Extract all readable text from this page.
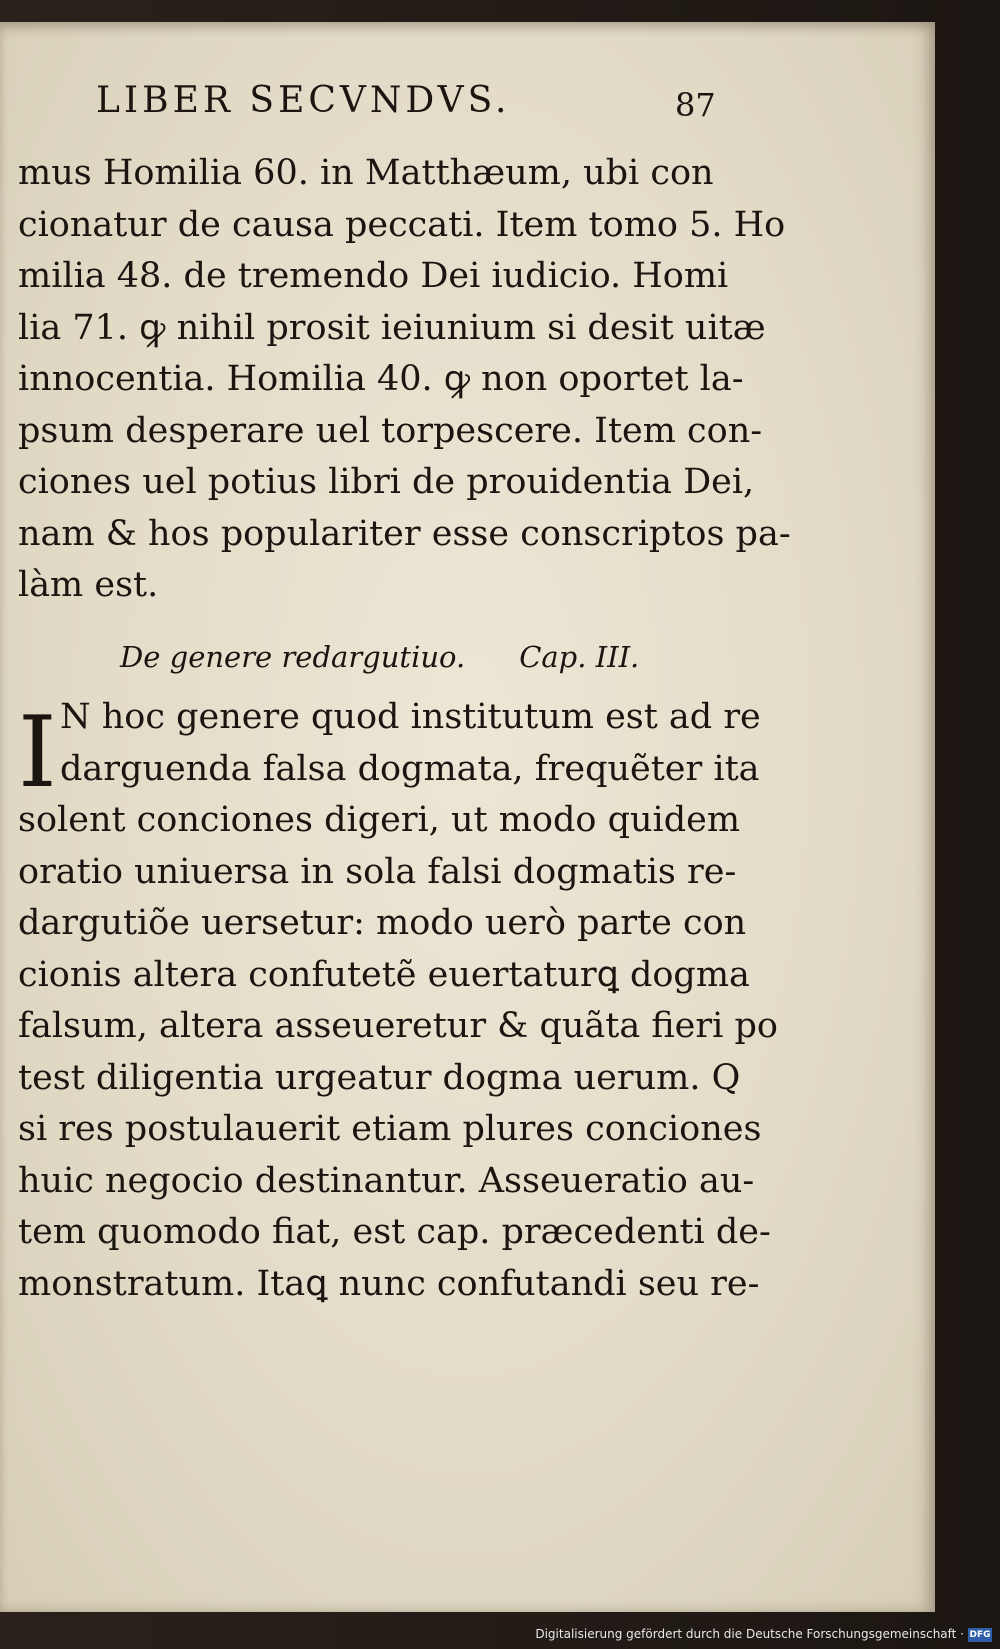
LIBER SECVNDVS.	87
mus Homilia 60. in Matthæum, ubi con
cionatur de causa peccati. Item tomo 5. Ho
milia 48. de tremendo Dei iudicio. Homi
lia 71. ꝙ nihil prosit ieiunium si desit uitæ
innocentia. Homilia 40. ꝙ non oportet la-
psum desperare uel torpescere. Item con-
ciones uel potius libri de prouidentia Dei,
nam & hos populariter esse conscriptos pa-
làm est.
De genere redargutiuo. Cap. III.
I N hoc genere quod institutum est ad re
darguenda falsa dogmata, frequẽter ita
solent conciones digeri, ut modo quidem
oratio uniuersa in sola falsi dogmatis re-
dargutiõe uersetur: modo uerò parte con
cionis altera confutetẽ euertaturꝗ dogma
falsum, altera asseueretur & quãta fieri po
test diligentia urgeatur dogma uerum. Q
si res postulauerit etiam plures conciones
huic negocio destinantur. Asseueratio au-
tem quomodo fiat, est cap. præcedenti de-
monstratum. Itaꝗ nunc confutandi seu re-
Digitalisierung gefördert durch die Deutsche Forschungsgemeinschaft · DFG
